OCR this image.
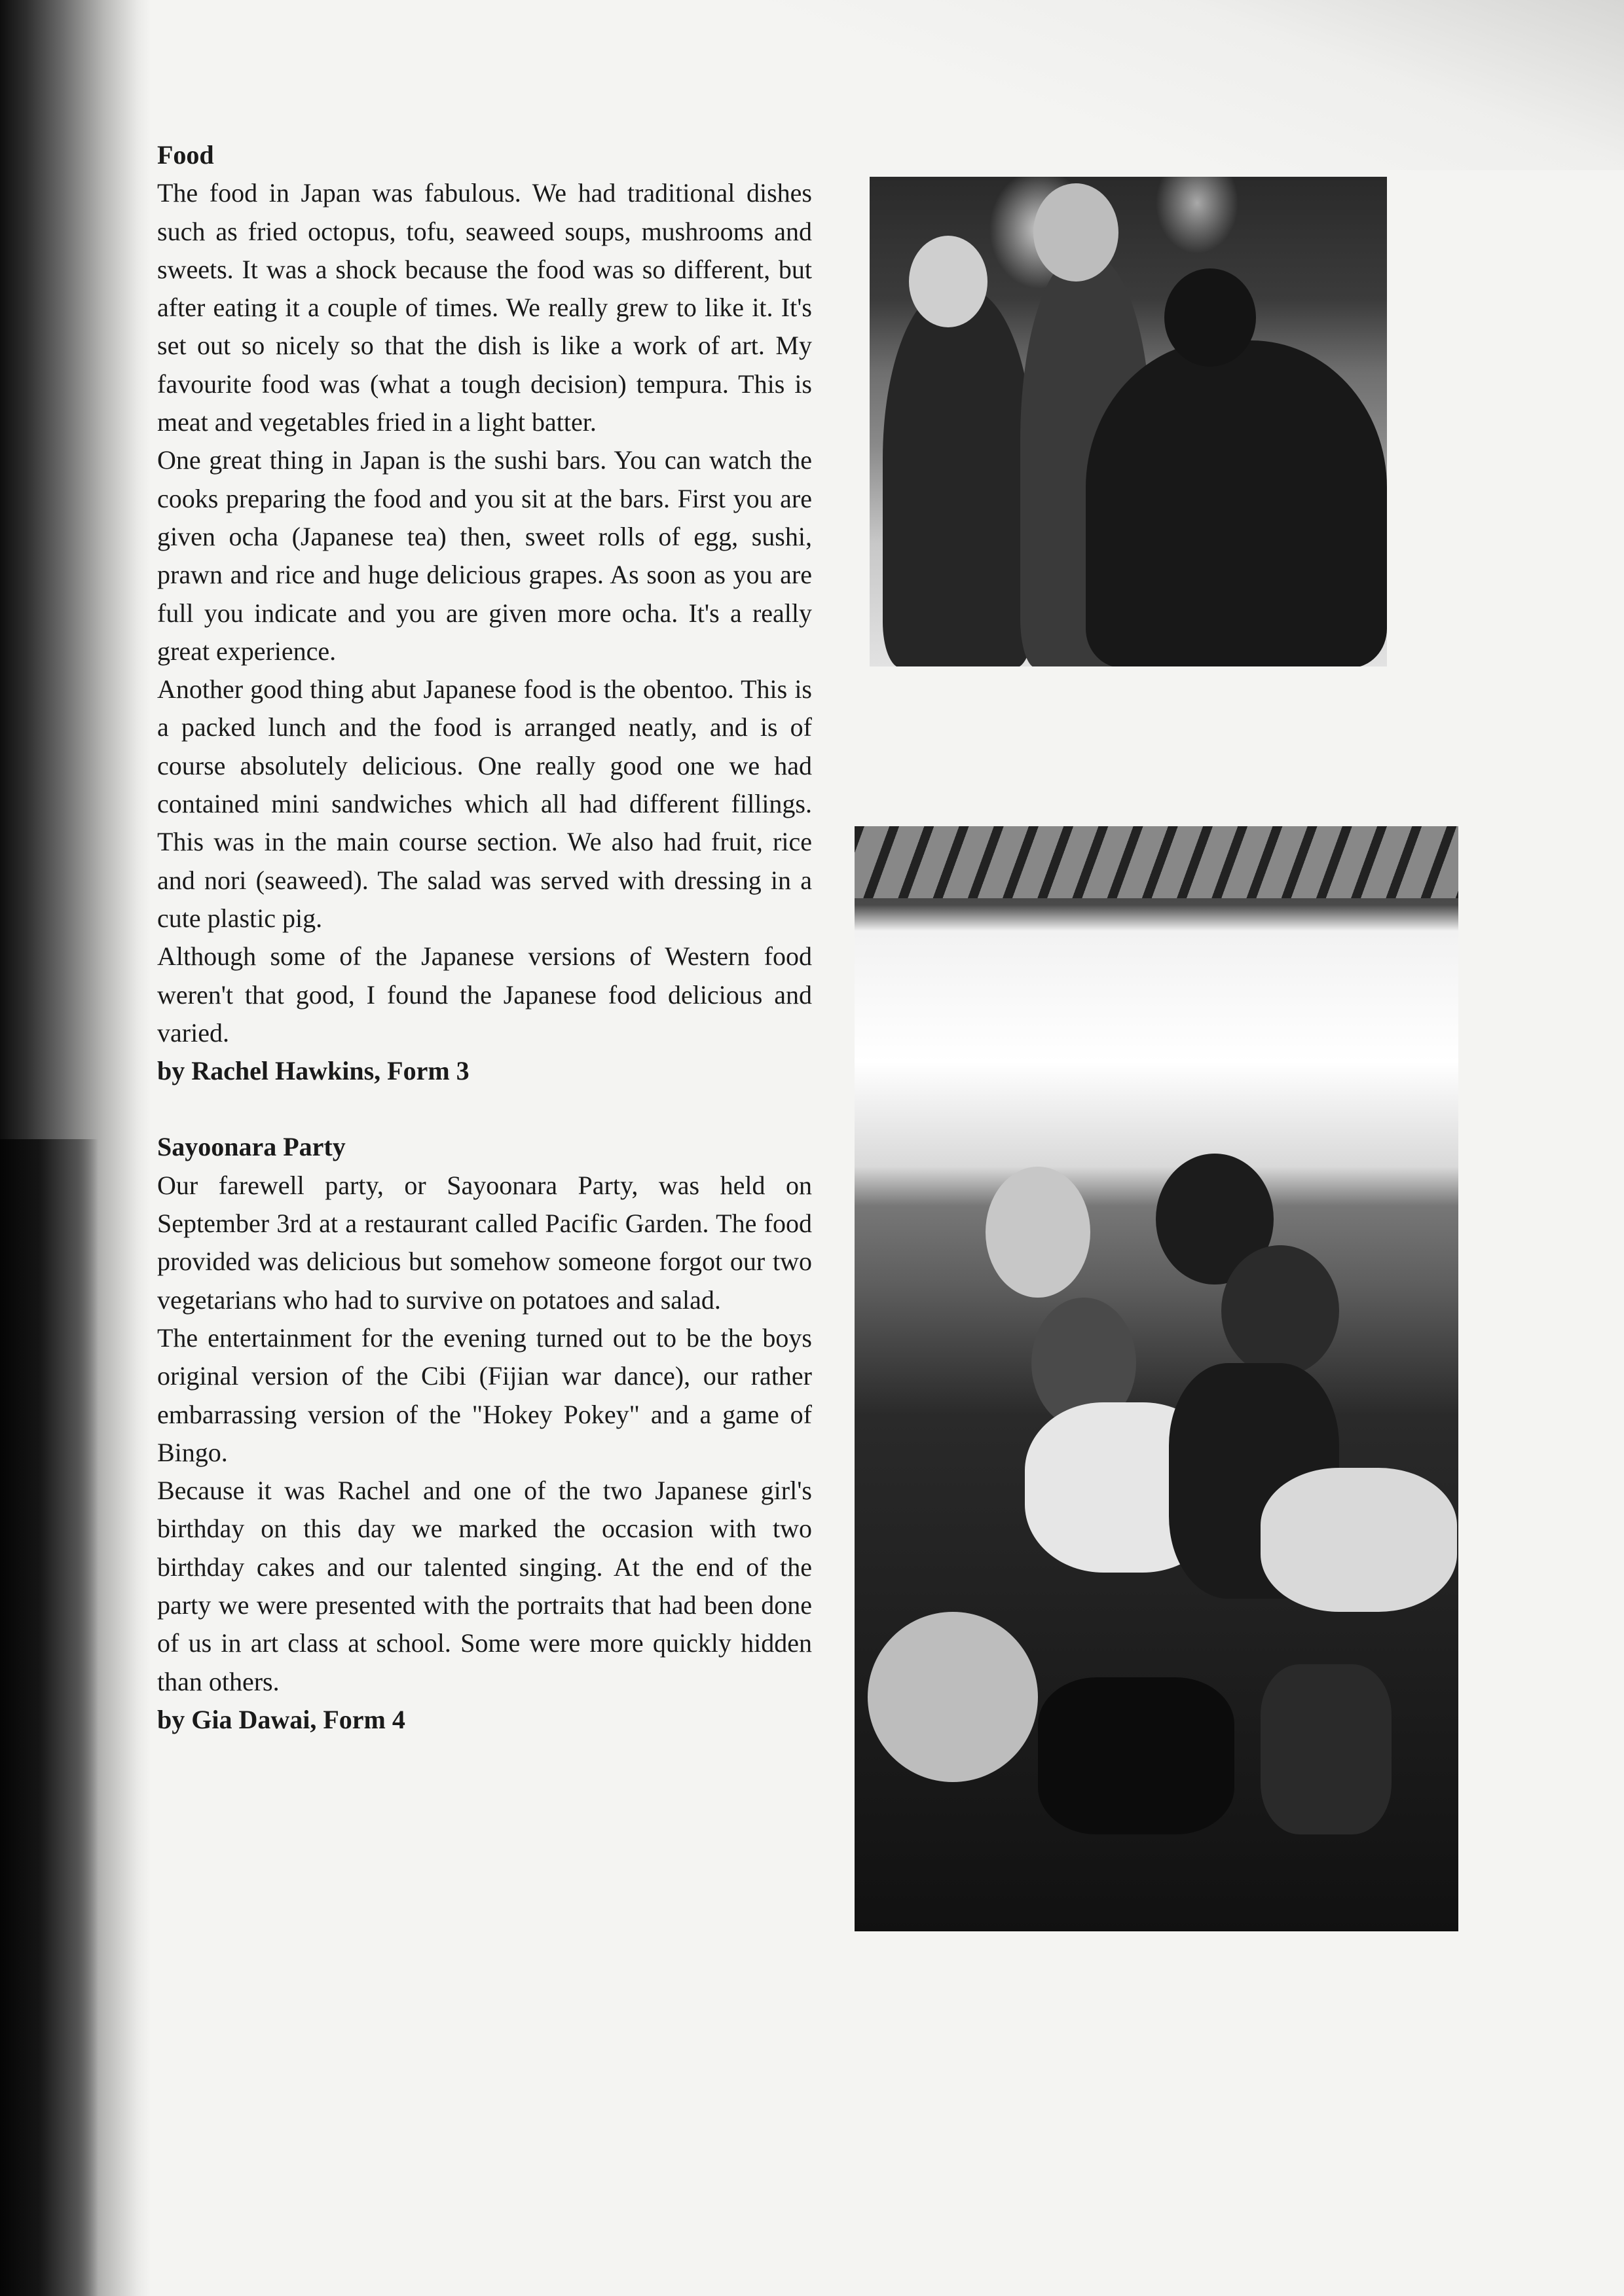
Food

The food in Japan was fabulous. We had traditional dishes such as fried octopus, tofu, seaweed soups, mushrooms and sweets. It was a shock because the food was so different, but after eating it a couple of times. We really grew to like it. It's set out so nicely so that the dish is like a work of art. My favourite food was (what a tough decision) tempura. This is meat and vegetables fried in a light batter.

One great thing in Japan is the sushi bars. You can watch the cooks preparing the food and you sit at the bars. First you are given ocha (Japanese tea) then, sweet rolls of egg, sushi, prawn and rice and huge delicious grapes. As soon as you are full you indicate and you are given more ocha. It's a really great experience.

Another good thing abut Japanese food is the obentoo. This is a packed lunch and the food is arranged neatly, and is of course absolutely delicious. One really good one we had contained mini sandwiches which all had different fillings. This was in the main course section. We also had fruit, rice and nori (seaweed). The salad was served with dressing in a cute plastic pig.

Although some of the Japanese versions of Western food weren't that good, I found the Japanese food delicious and varied.

by Rachel Hawkins, Form 3

Sayoonara Party

Our farewell party, or Sayoonara Party, was held on September 3rd at a restaurant called Pacific Garden. The food provided was delicious but somehow someone forgot our two vegetarians who had to survive on potatoes and salad.

The entertainment for the evening turned out to be the boys original version of the Cibi (Fijian war dance), our rather embarrassing version of the "Hokey Pokey" and a game of Bingo.

Because it was Rachel and one of the two Japanese girl's birthday on this day we marked the occasion with two birthday cakes and our talented singing. At the end of the party we were presented with the portraits that had been done of us in art class at school. Some were more quickly hidden than others.

by Gia Dawai, Form 4
